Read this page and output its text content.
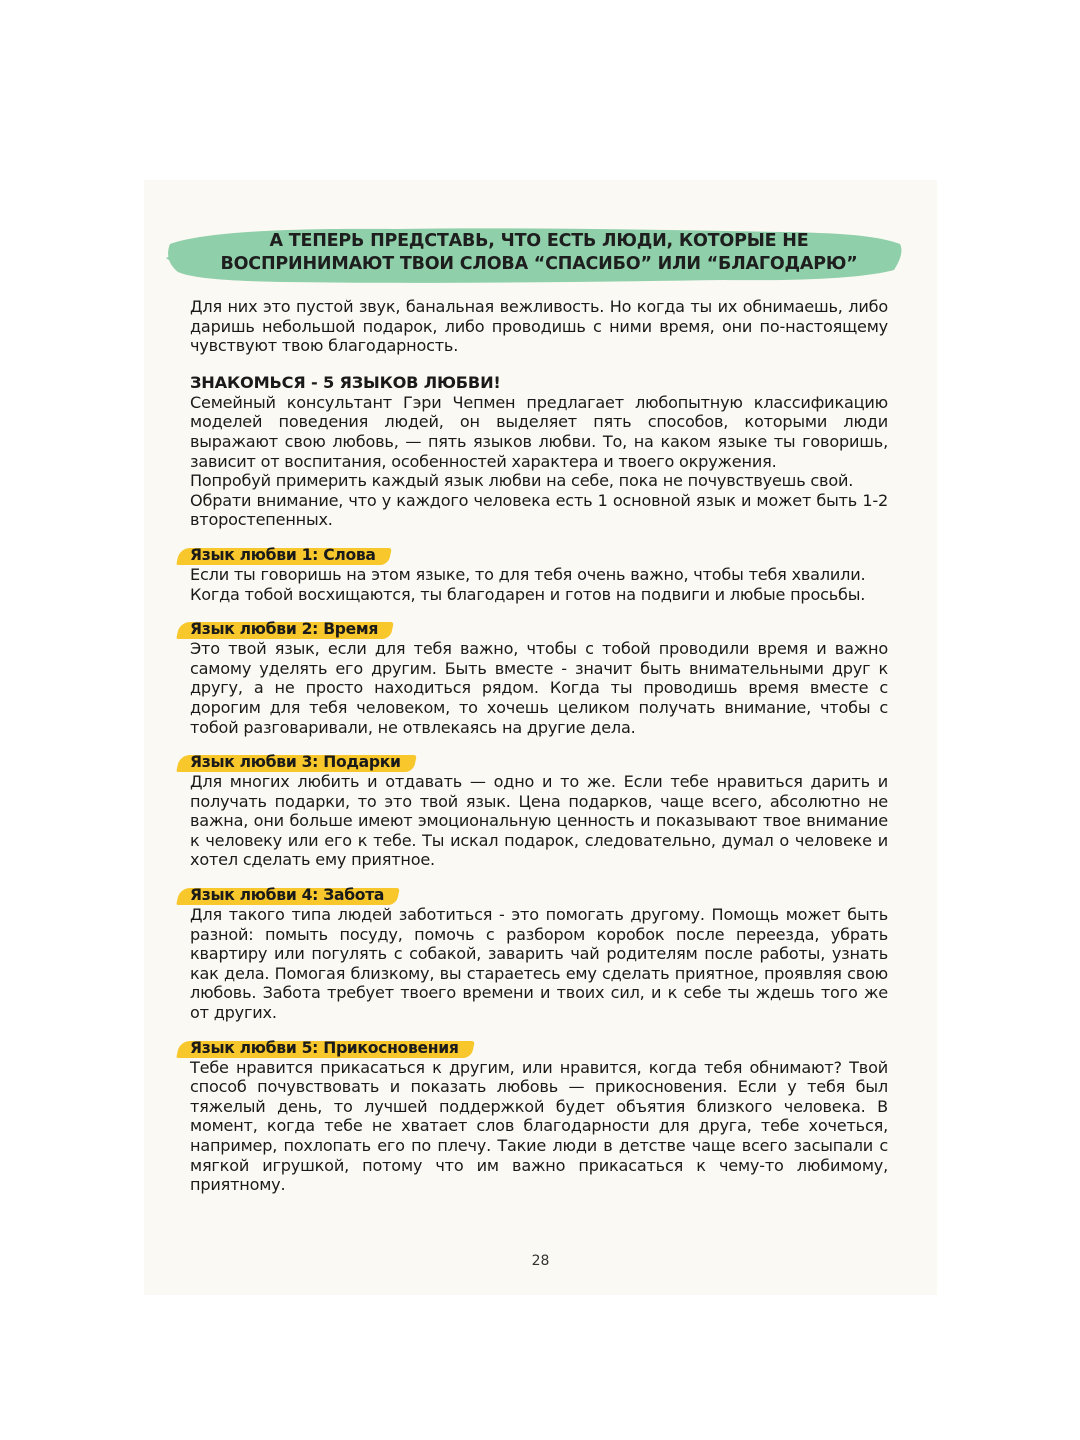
А ТЕПЕРЬ ПРЕДСТАВЬ, ЧТО ЕСТЬ ЛЮДИ, КОТОРЫЕ НЕ
ВОСПРИНИМАЮТ ТВОИ СЛОВА “СПАСИБО” ИЛИ “БЛАГОДАРЮ”

Для них это пустой звук, банальная вежливость. Но когда ты их обнимаешь, либо даришь небольшой подарок, либо проводишь с ними время, они по-настоящему чувствуют твою благодарность.

ЗНАКОМЬСЯ - 5 ЯЗЫКОВ ЛЮБВИ!

Семейный консультант Гэри Чепмен предлагает любопытную классификацию моделей поведения людей, он выделяет пять способов, которыми люди выражают свою любовь, — пять языков любви. То, на каком языке ты говоришь, зависит от воспитания, особенностей характера и твоего окружения.

Попробуй примерить каждый язык любви на себе, пока не почувствуешь свой.

Обрати внимание, что у каждого человека есть 1 основной язык и может быть 1-2 второстепенных.

Язык любви 1: Слова

Если ты говоришь на этом языке, то для тебя очень важно, чтобы тебя хвалили. Когда тобой восхищаются, ты благодарен и готов на подвиги и любые просьбы.

Язык любви 2: Время

Это твой язык, если для тебя важно, чтобы с тобой проводили время и важно самому уделять его другим. Быть вместе - значит быть внимательными друг к другу, а не просто находиться рядом. Когда ты проводишь время вместе с дорогим для тебя человеком, то хочешь целиком получать внимание, чтобы с тобой разговаривали, не отвлекаясь на другие дела.

Язык любви 3: Подарки

Для многих любить и отдавать — одно и то же. Если тебе нравиться дарить и получать подарки, то это твой язык. Цена подарков, чаще всего, абсолютно не важна, они больше имеют эмоциональную ценность и показывают твое внимание к человеку или его к тебе. Ты искал подарок, следовательно, думал о человеке и хотел сделать ему приятное.

Язык любви 4: Забота

Для такого типа людей заботиться - это помогать другому. Помощь может быть разной: помыть посуду, помочь с разбором коробок после переезда, убрать квартиру или погулять с собакой, заварить чай родителям после работы, узнать как дела. Помогая близкому, вы стараетесь ему сделать приятное, проявляя свою любовь. Забота требует твоего времени и твоих сил, и к себе ты ждешь того же от других.

Язык любви 5: Прикосновения

Тебе нравится прикасаться к другим, или нравится, когда тебя обнимают? Твой способ почувствовать и показать любовь — прикосновения. Если у тебя был тяжелый день, то лучшей поддержкой будет объятия близкого человека. В момент, когда тебе не хватает слов благодарности для друга, тебе хочеться, например, похлопать его по плечу. Такие люди в детстве чаще всего засыпали с мягкой игрушкой, потому что им важно прикасаться к чему-то любимому, приятному.

28
